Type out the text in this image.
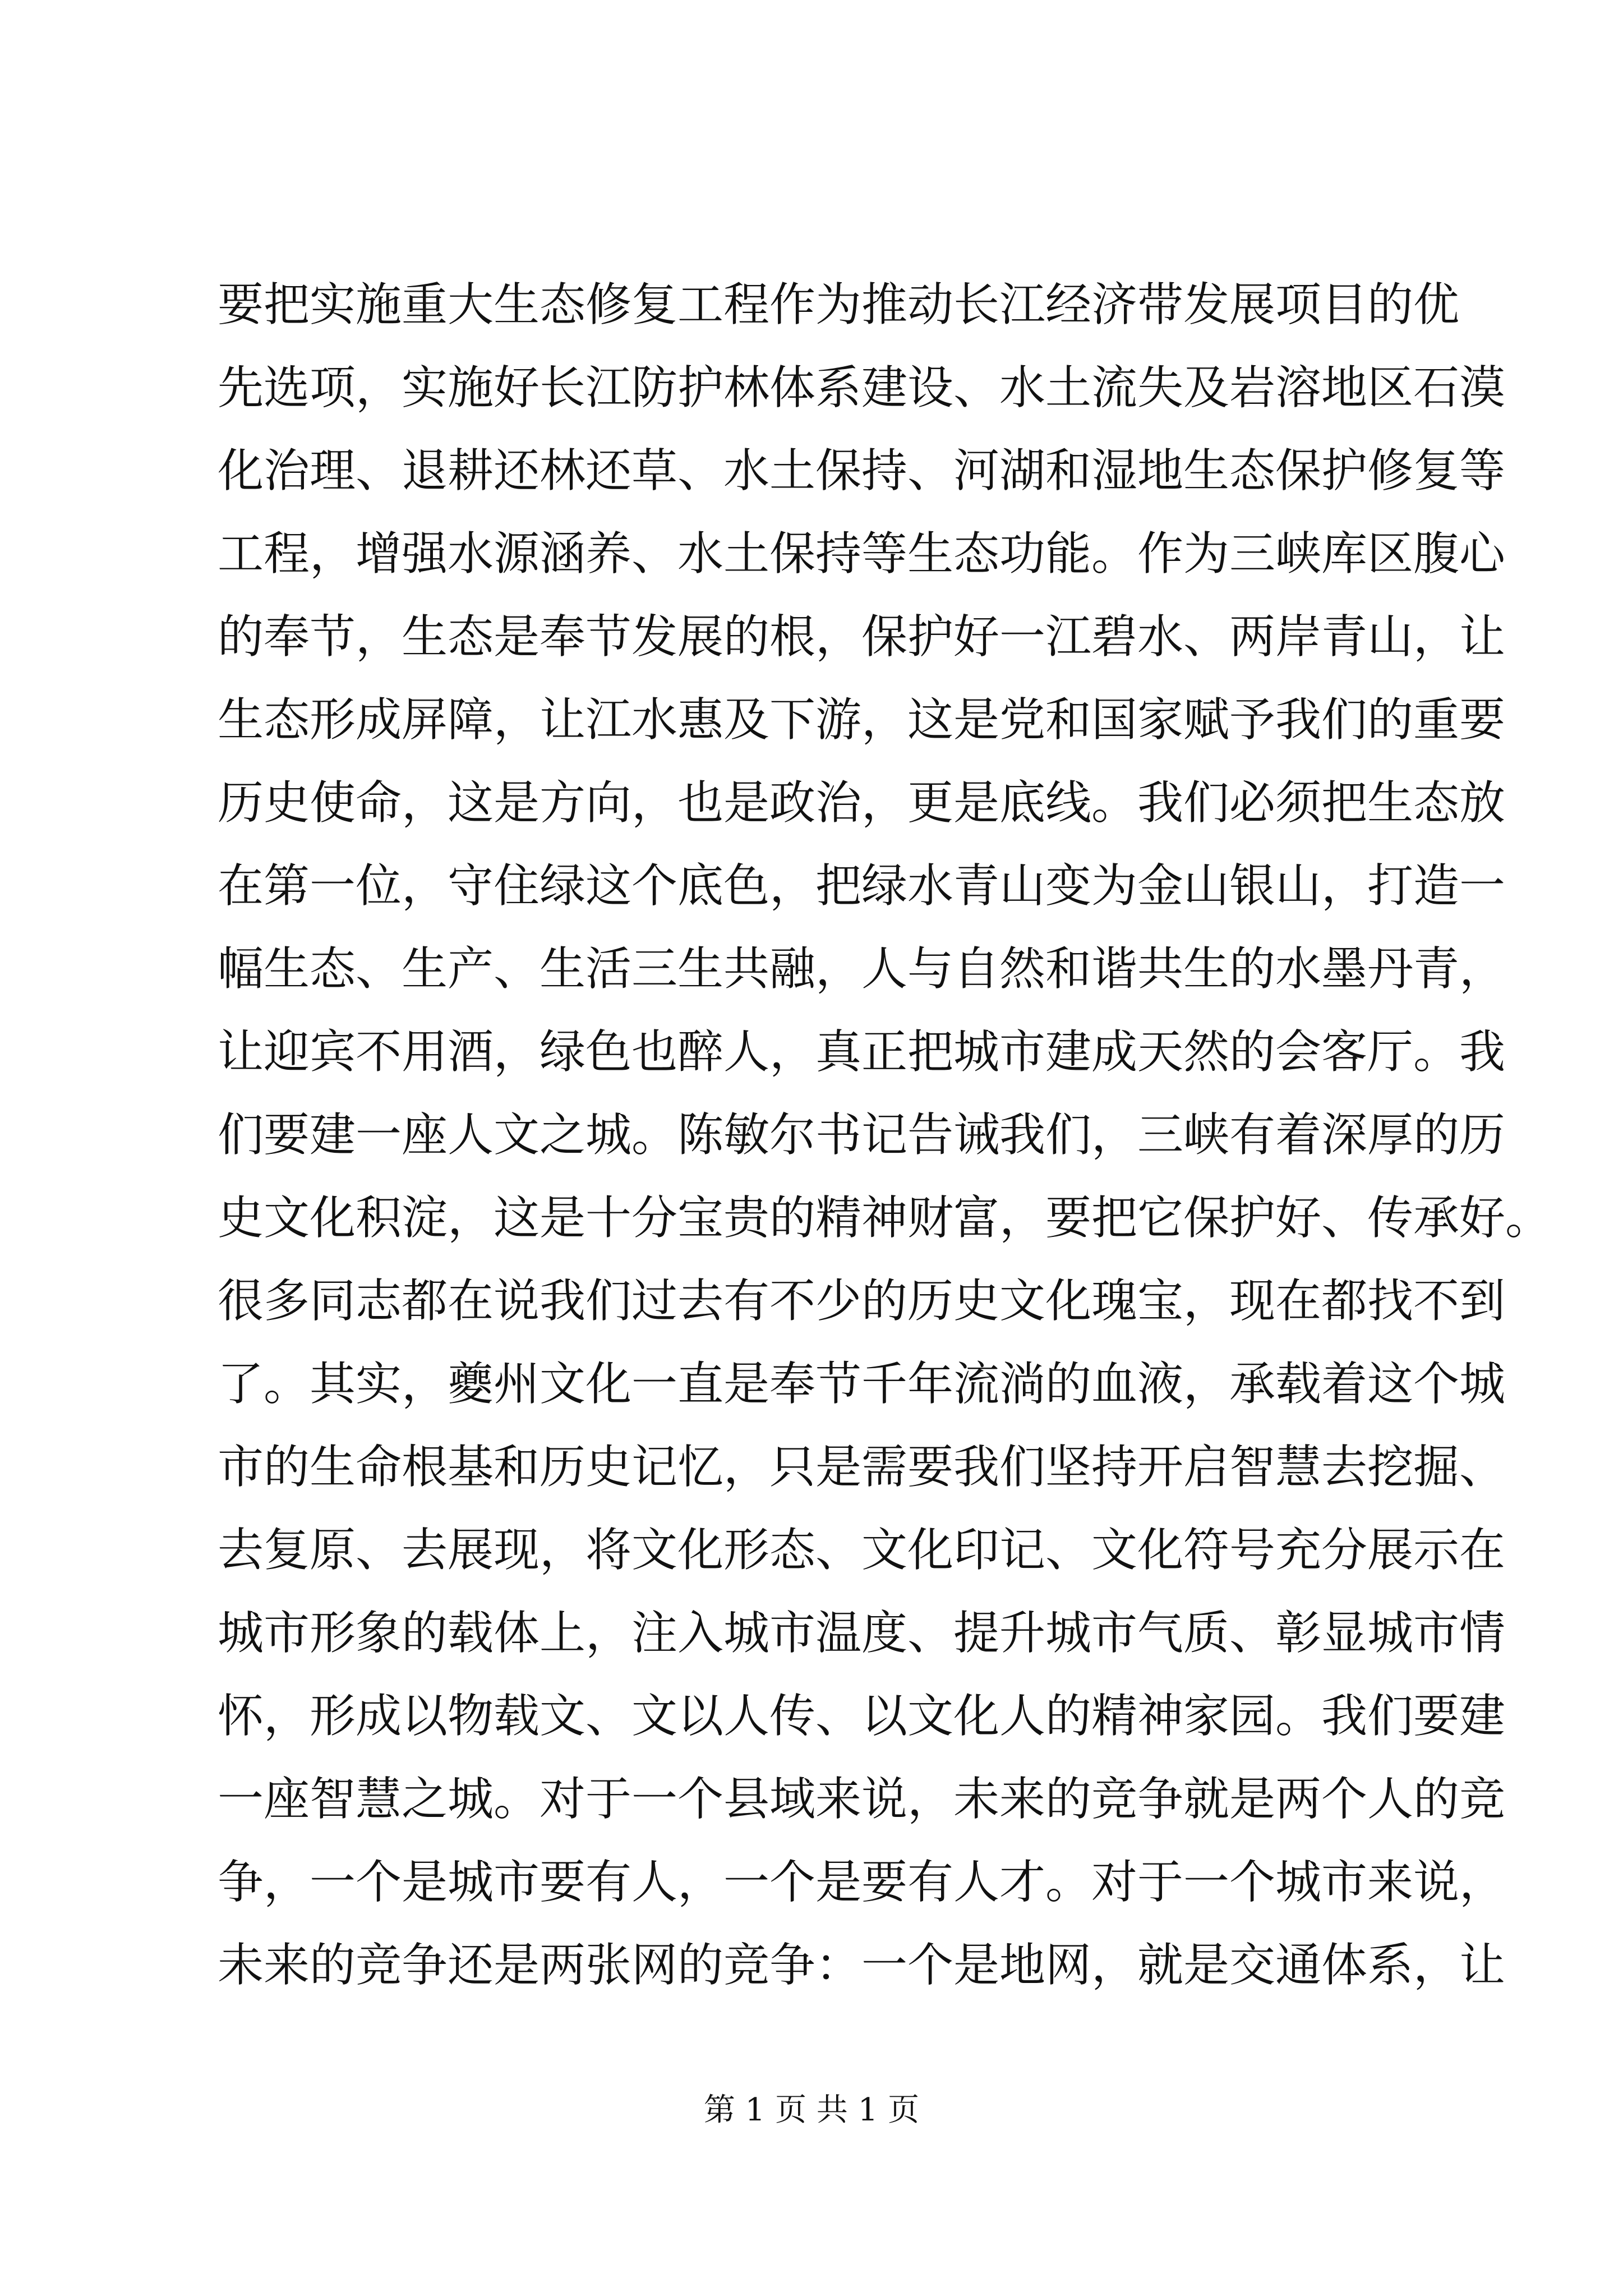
要把实施重大生态修复工程作为推动长江经济带发展项目的优
先选项，实施好长江防护林体系建设、水土流失及岩溶地区石漠
化治理、退耕还林还草、水土保持、河湖和湿地生态保护修复等
工程，增强水源涵养、水土保持等生态功能。作为三峡库区腹心
的奉节，生态是奉节发展的根，保护好一江碧水、两岸青山，让
生态形成屏障，让江水惠及下游，这是党和国家赋予我们的重要
历史使命，这是方向，也是政治，更是底线。我们必须把生态放
在第一位，守住绿这个底色，把绿水青山变为金山银山，打造一
幅生态、生产、生活三生共融，人与自然和谐共生的水墨丹青，
让迎宾不用酒，绿色也醉人，真正把城市建成天然的会客厅。我
们要建一座人文之城。陈敏尔书记告诫我们，三峡有着深厚的历
史文化积淀，这是十分宝贵的精神财富，要把它保护好、传承好。
很多同志都在说我们过去有不少的历史文化瑰宝，现在都找不到
了。其实，夔州文化一直是奉节千年流淌的血液，承载着这个城
市的生命根基和历史记忆，只是需要我们坚持开启智慧去挖掘、
去复原、去展现，将文化形态、文化印记、文化符号充分展示在
城市形象的载体上，注入城市温度、提升城市气质、彰显城市情
怀，形成以物载文、文以人传、以文化人的精神家园。我们要建
一座智慧之城。对于一个县域来说，未来的竞争就是两个人的竞
争，一个是城市要有人，一个是要有人才。对于一个城市来说，
未来的竞争还是两张网的竞争：一个是地网，就是交通体系，让
第 1 页 共 1 页
